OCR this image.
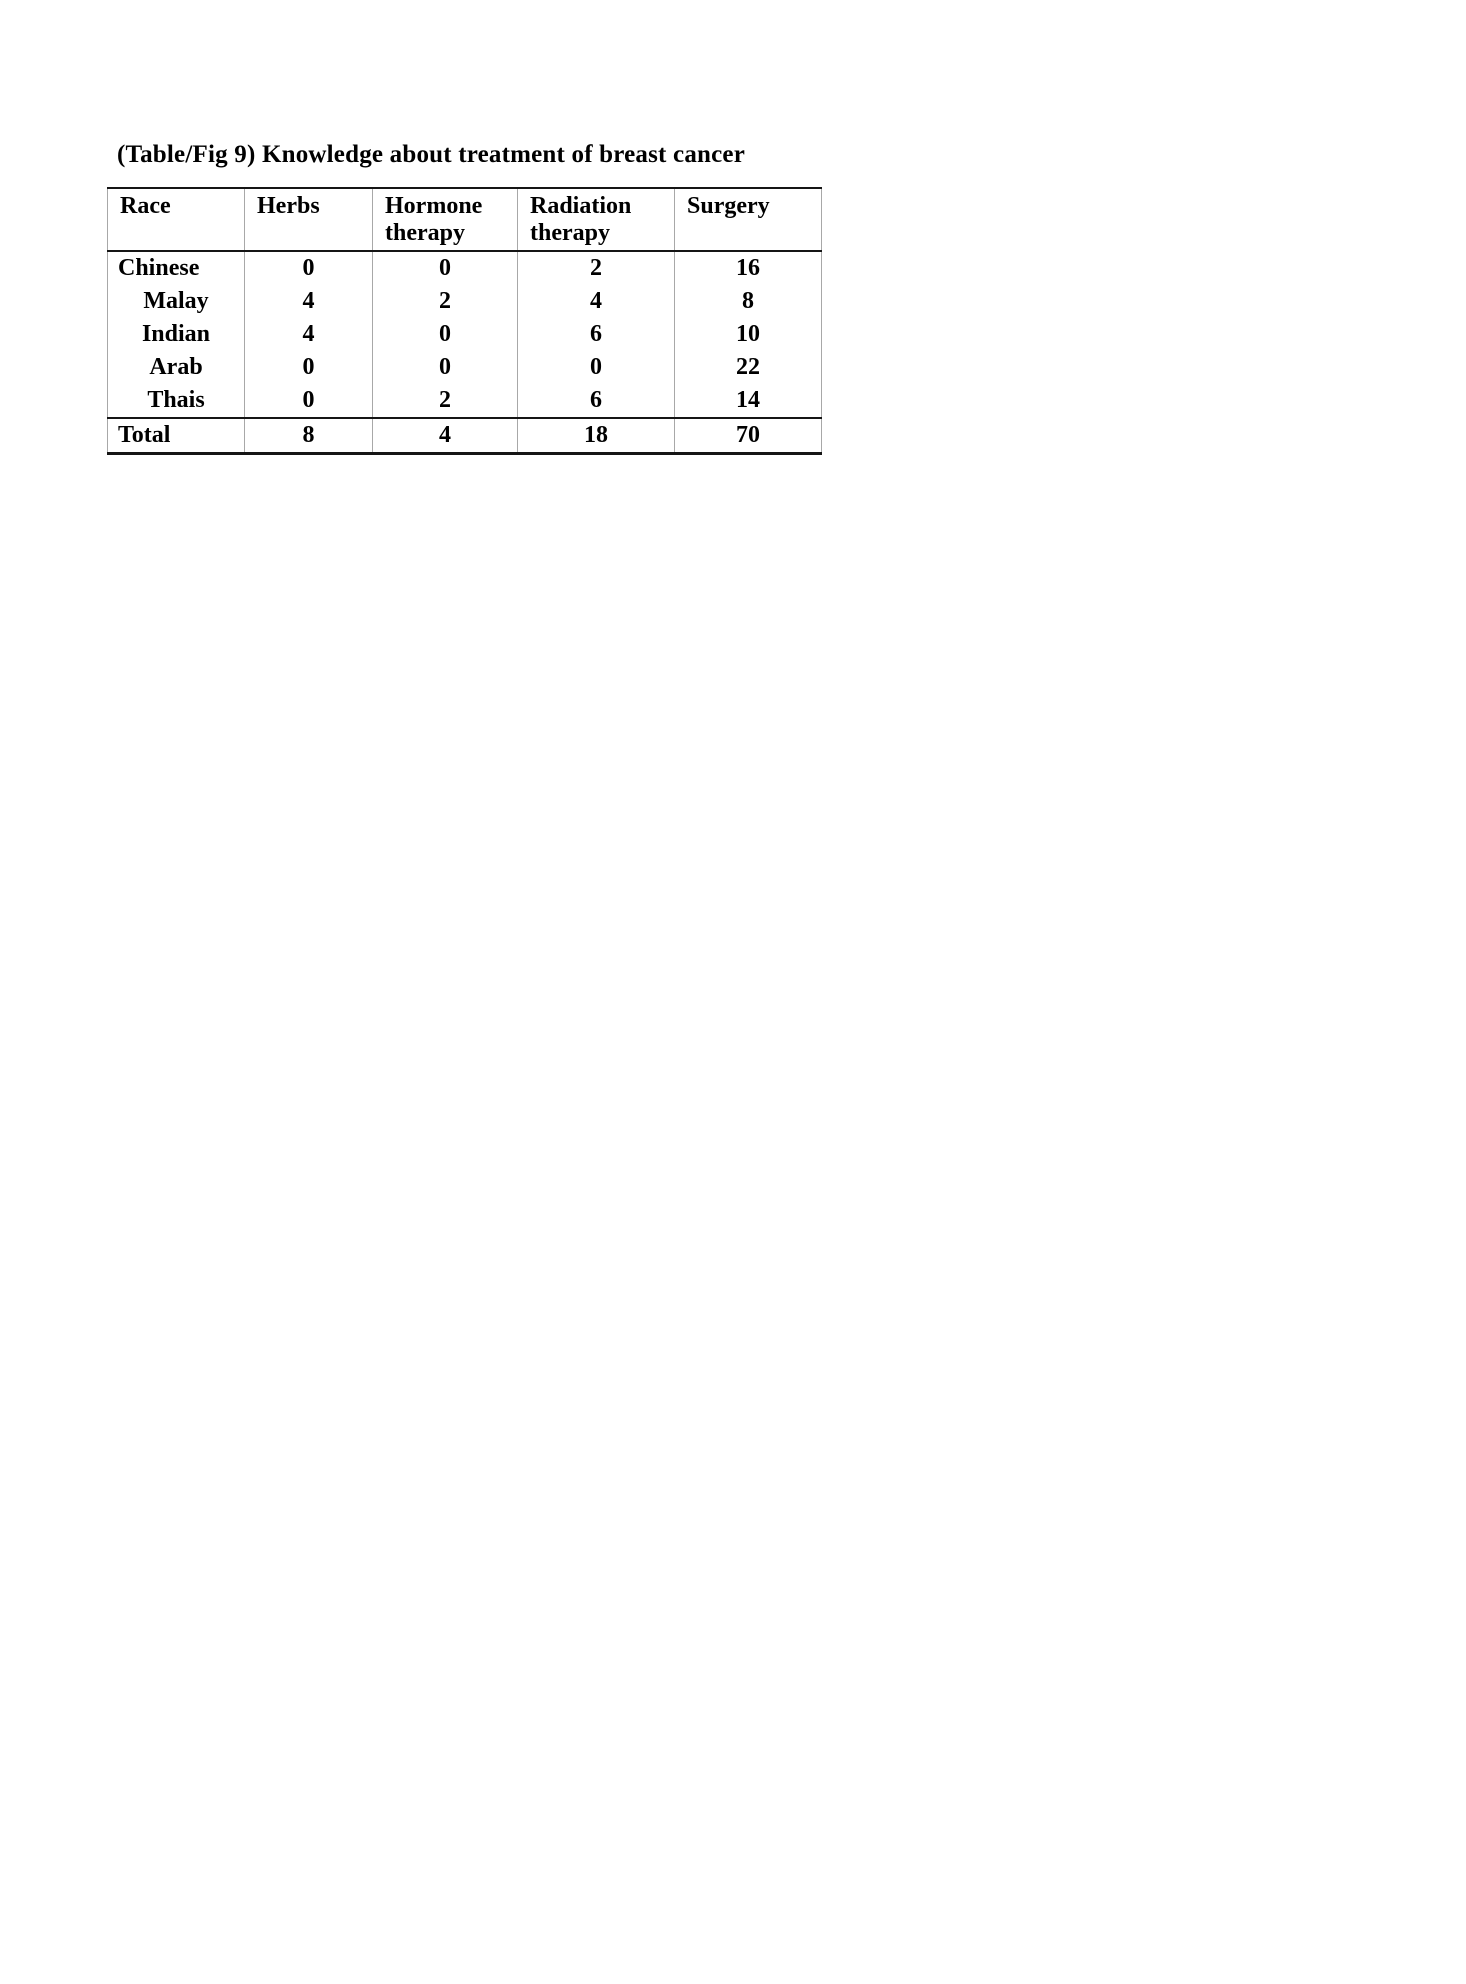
(Table/Fig 9) Knowledge about treatment of breast cancer
Race	Herbs	Hormone therapy	Radiation therapy	Surgery
Chinese	0	0	2	16
Malay	4	2	4	8
Indian	4	0	6	10
Arab	0	0	0	22
Thais	0	2	6	14
Total	8	4	18	70
